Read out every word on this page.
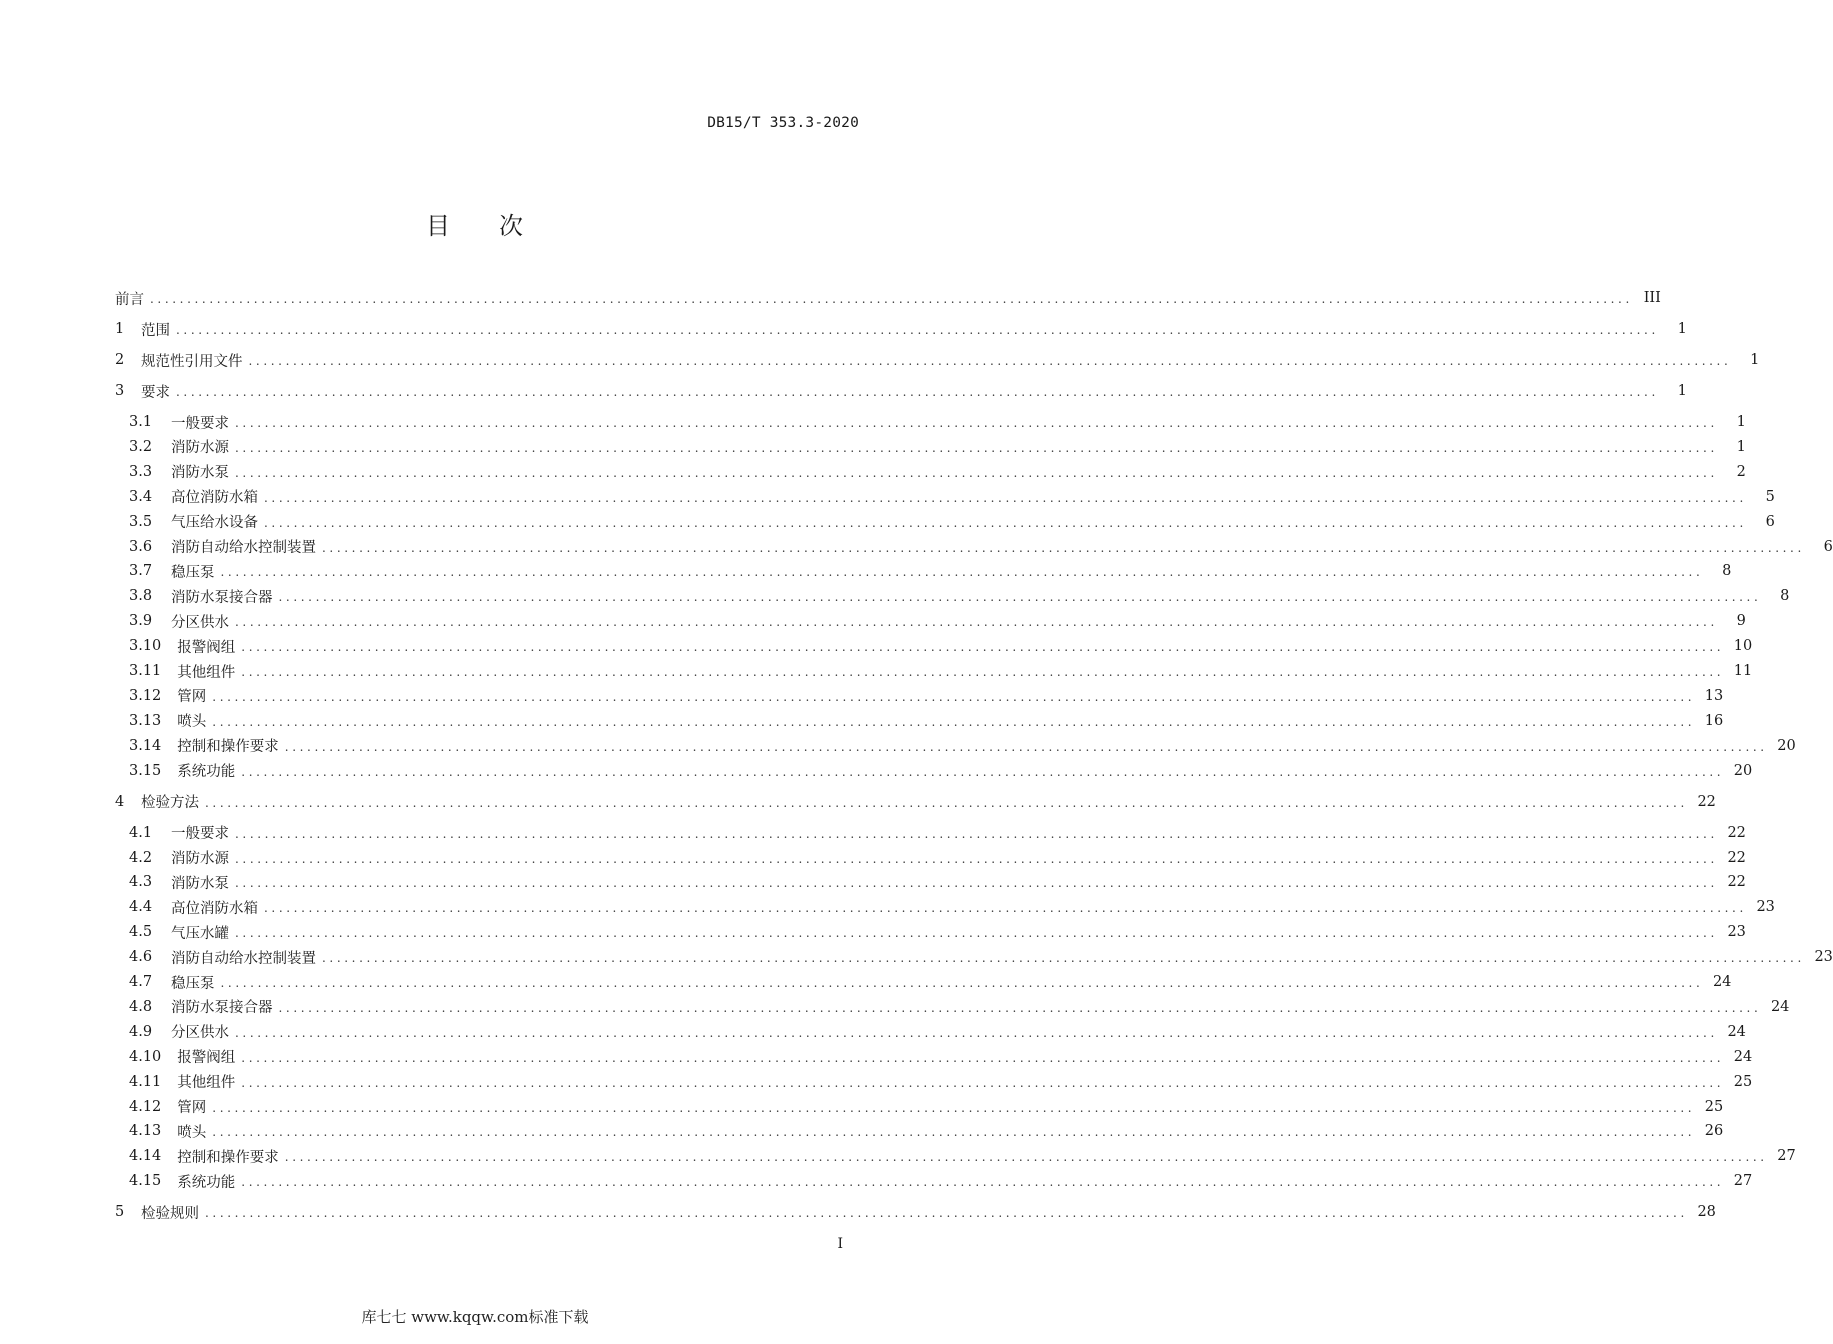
DB15/T 353.3-2020
目 次
前言 ........................................................................................................................................................................................................ III
1 范围 ........................................................................................................................................................................................................	1
2 规范性引用文件 ........................................................................................................................................................................................................	1
3 要求 ........................................................................................................................................................................................................	1
3.1	一般要求 ........................................................................................................................................................................................................	1
3.2	消防水源 ........................................................................................................................................................................................................	1
3.3	消防水泵 ........................................................................................................................................................................................................	2
3.4	高位消防水箱 ........................................................................................................................................................................................................	5
3.5	气压给水设备 ........................................................................................................................................................................................................	6
3.6	消防自动给水控制装置 ........................................................................................................................................................................................................	6
3.7	稳压泵 ........................................................................................................................................................................................................	8
3.8	消防水泵接合器 ........................................................................................................................................................................................................	8
3.9	分区供水 ........................................................................................................................................................................................................	9
3.10 报警阀组 ........................................................................................................................................................................................................ 10
3.11 其他组件 ........................................................................................................................................................................................................ 11
3.12 管网 ........................................................................................................................................................................................................ 13
3.13 喷头 ........................................................................................................................................................................................................ 16
3.14 控制和操作要求 ........................................................................................................................................................................................................ 20
3.15 系统功能 ........................................................................................................................................................................................................ 20
4 检验方法 ........................................................................................................................................................................................................ 22
4.1	一般要求 ........................................................................................................................................................................................................ 22
4.2	消防水源 ........................................................................................................................................................................................................ 22
4.3	消防水泵 ........................................................................................................................................................................................................ 22
4.4	高位消防水箱 ........................................................................................................................................................................................................ 23
4.5	气压水罐 ........................................................................................................................................................................................................ 23
4.6	消防自动给水控制装置 ........................................................................................................................................................................................................ 23
4.7	稳压泵 ........................................................................................................................................................................................................ 24
4.8	消防水泵接合器 ........................................................................................................................................................................................................ 24
4.9	分区供水 ........................................................................................................................................................................................................ 24
4.10 报警阀组 ........................................................................................................................................................................................................ 24
4.11 其他组件 ........................................................................................................................................................................................................ 25
4.12 管网 ........................................................................................................................................................................................................ 25
4.13 喷头 ........................................................................................................................................................................................................ 26
4.14 控制和操作要求 ........................................................................................................................................................................................................ 27
4.15 系统功能 ........................................................................................................................................................................................................ 27
5 检验规则 ........................................................................................................................................................................................................ 28
I
库七七 www.kqqw.com标准下载
